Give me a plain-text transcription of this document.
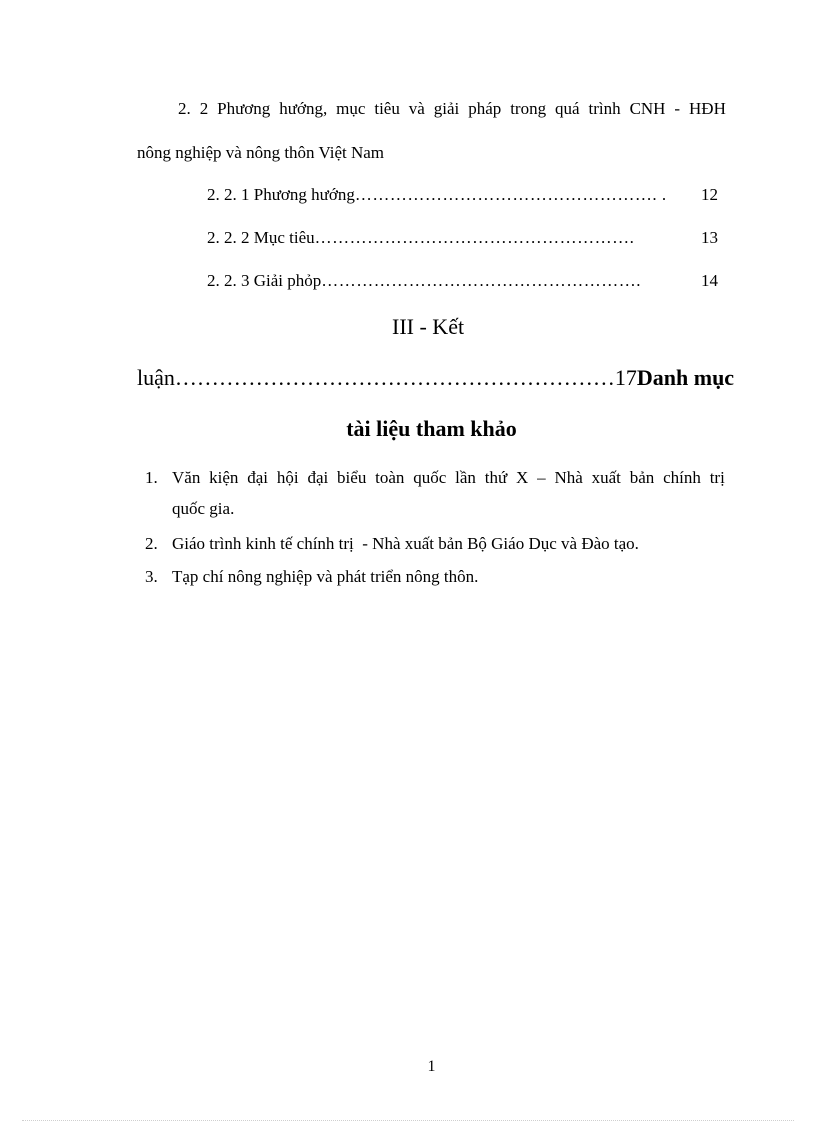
2. 2 Phương hướng, mục tiêu và giải pháp trong quá trình CNH - HĐH
nông nghiệp và nông thôn Việt Nam
2. 2. 1 Phương hướng ……………………………………………. .	12
2. 2. 2 Mục tiêu ……………………………………………….	13
2. 2. 3 Giải phỏp ……………………………………………….	14
III - Kết
luận……………………………………………………17 Danh mục
tài liệu tham khảo
1. Văn kiện đại hội đại biểu toàn quốc lần thứ X – Nhà xuất bản chính trị
quốc gia.
2. Giáo trình kinh tế chính trị  - Nhà xuất bản Bộ Giáo Dục và Đào tạo.
3. Tạp chí nông nghiệp và phát triển nông thôn.
1
